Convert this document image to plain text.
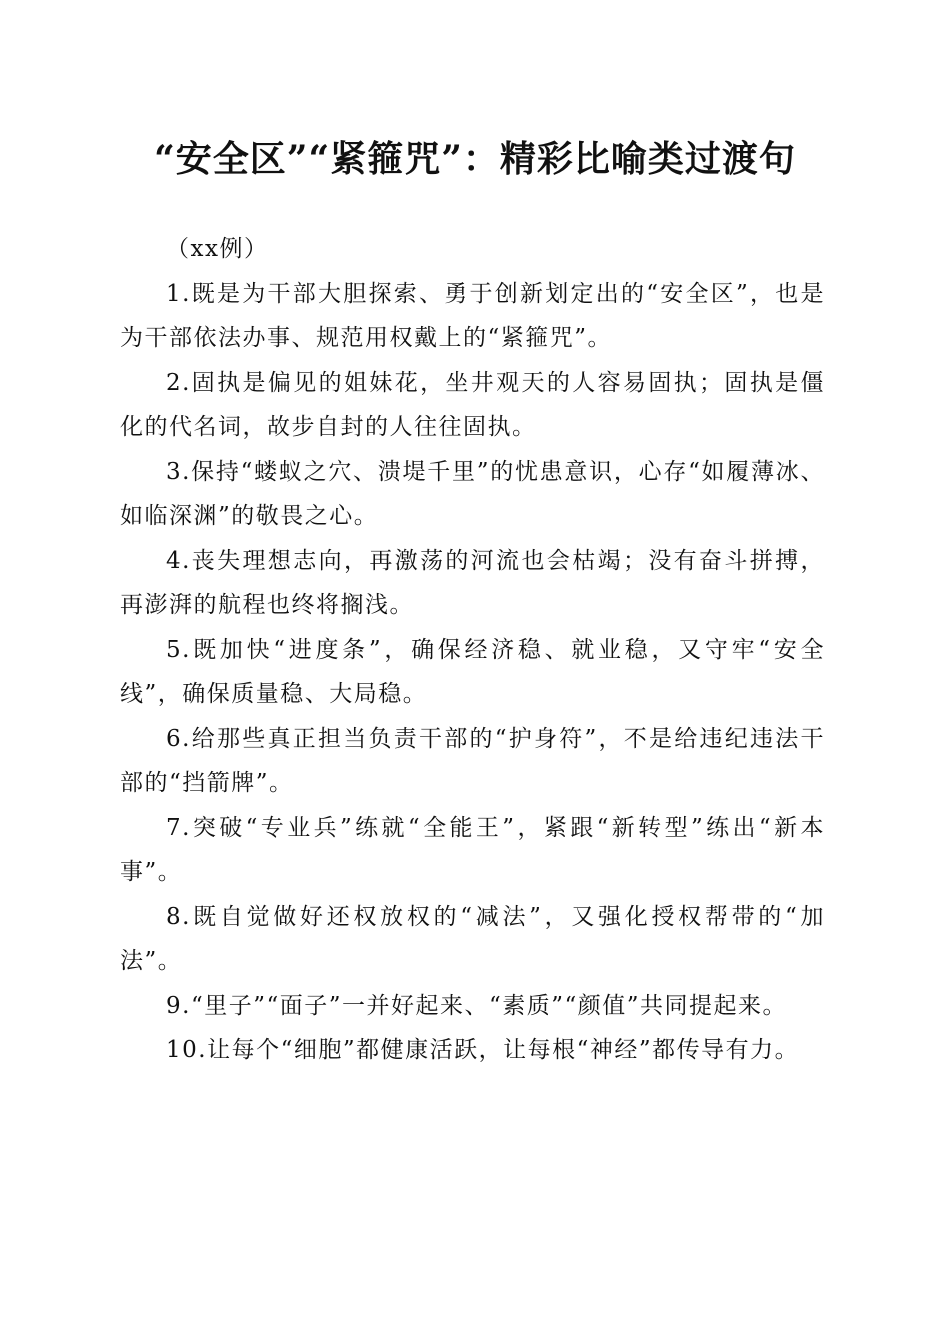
“安全区”“紧箍咒”：精彩比喻类过渡句

（xx例）

1.既是为干部大胆探索、勇于创新划定出的“安全区”，也是为干部依法办事、规范用权戴上的“紧箍咒”。

2.固执是偏见的姐妹花，坐井观天的人容易固执；固执是僵化的代名词，故步自封的人往往固执。

3.保持“蝼蚁之穴、溃堤千里”的忧患意识，心存“如履薄冰、如临深渊”的敬畏之心。

4.丧失理想志向，再激荡的河流也会枯竭；没有奋斗拼搏，再澎湃的航程也终将搁浅。

5.既加快“进度条”，确保经济稳、就业稳，又守牢“安全线”，确保质量稳、大局稳。

6.给那些真正担当负责干部的“护身符”，不是给违纪违法干部的“挡箭牌”。

7.突破“专业兵”练就“全能王”，紧跟“新转型”练出“新本事”。

8.既自觉做好还权放权的“减法”，又强化授权帮带的“加法”。

9.“里子”“面子”一并好起来、“素质”“颜值”共同提起来。

10.让每个“细胞”都健康活跃，让每根“神经”都传导有力。
